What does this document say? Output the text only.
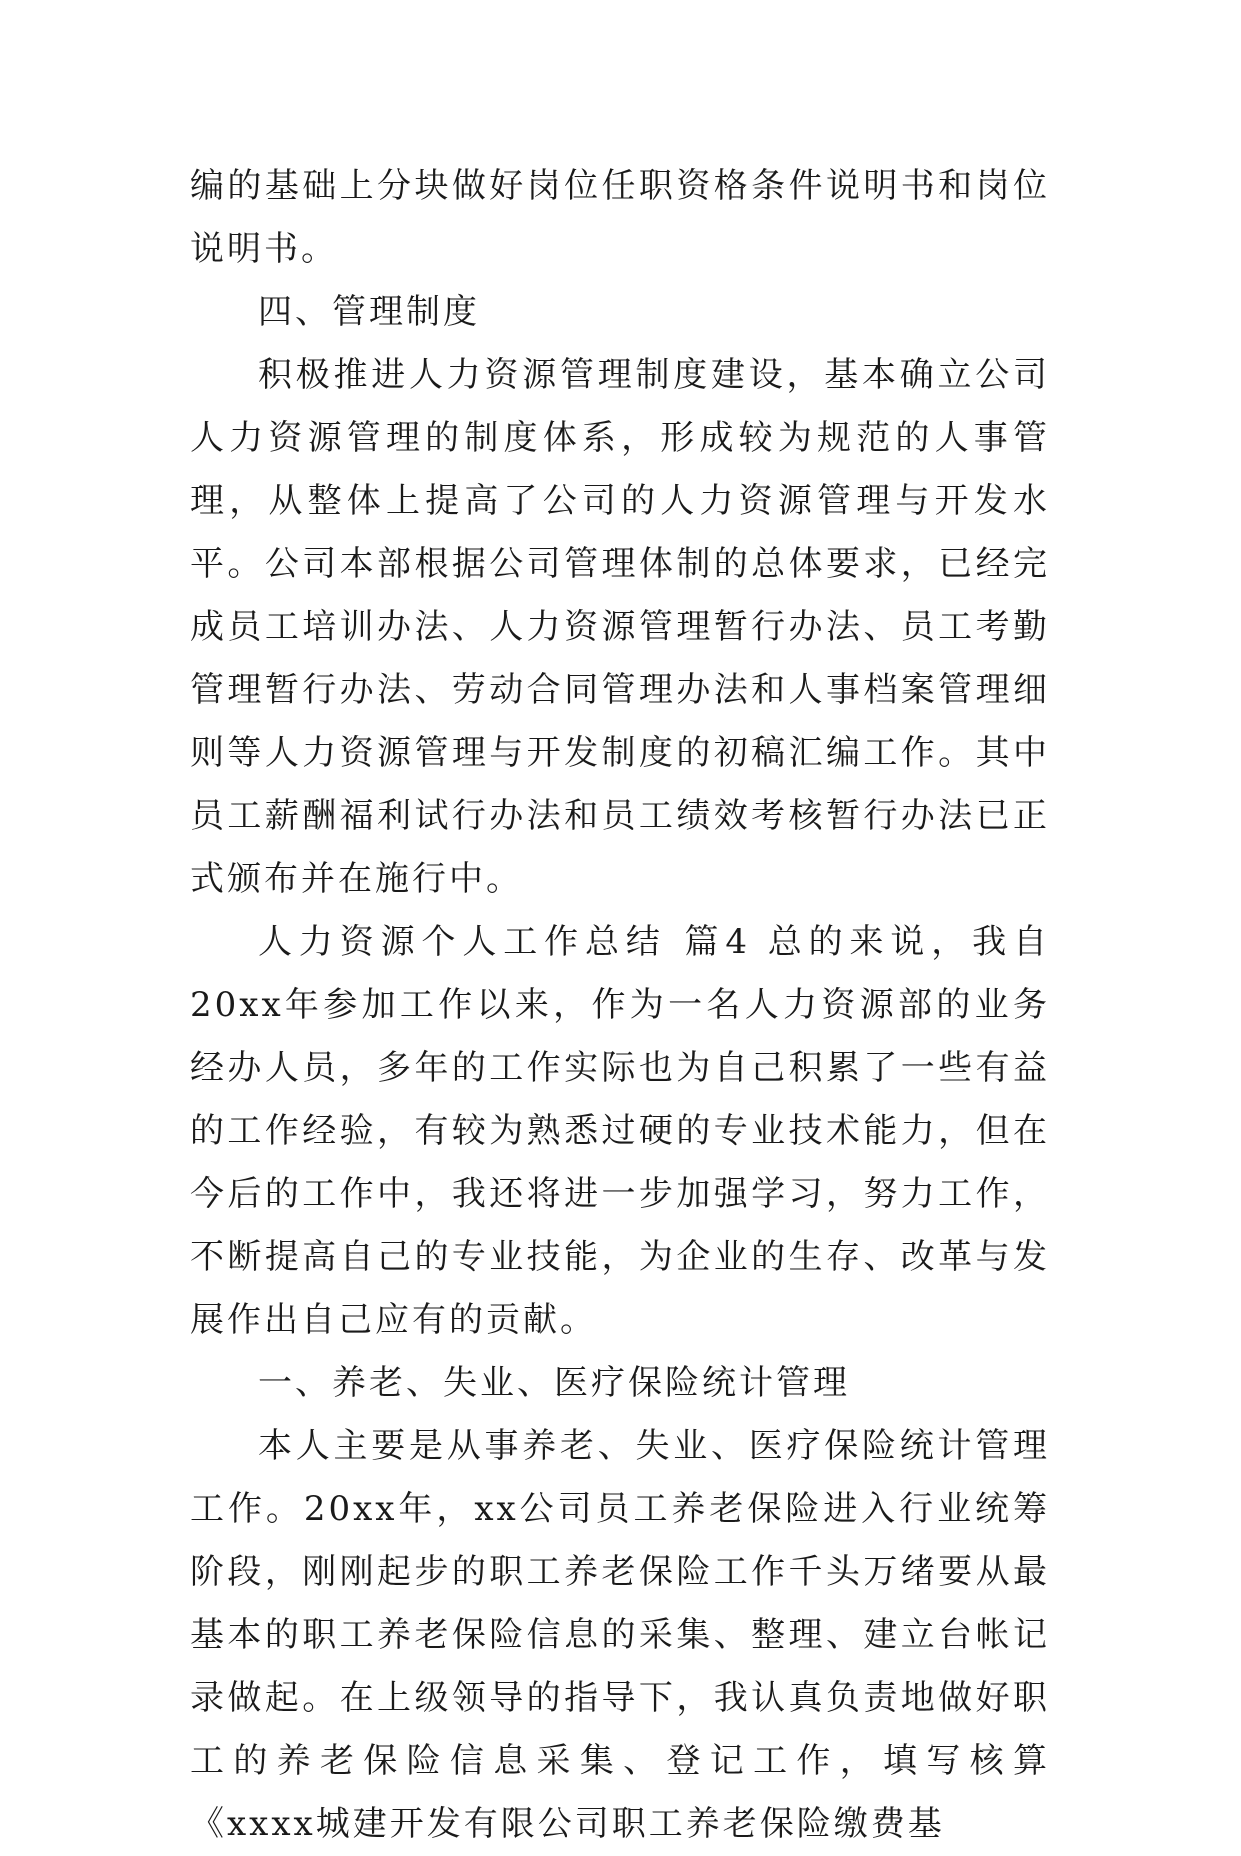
编的基础上分块做好岗位任职资格条件说明书和岗位说明书。

四、管理制度

积极推进人力资源管理制度建设，基本确立公司人力资源管理的制度体系，形成较为规范的人事管理，从整体上提高了公司的人力资源管理与开发水平。公司本部根据公司管理体制的总体要求，已经完成员工培训办法、人力资源管理暂行办法、员工考勤管理暂行办法、劳动合同管理办法和人事档案管理细则等人力资源管理与开发制度的初稿汇编工作。其中员工薪酬福利试行办法和员工绩效考核暂行办法已正式颁布并在施行中。

人力资源个人工作总结 篇4 总的来说，我自20xx年参加工作以来，作为一名人力资源部的业务经办人员，多年的工作实际也为自己积累了一些有益的工作经验，有较为熟悉过硬的专业技术能力，但在今后的工作中，我还将进一步加强学习，努力工作，不断提高自己的专业技能，为企业的生存、改革与发展作出自己应有的贡献。

一、养老、失业、医疗保险统计管理

本人主要是从事养老、失业、医疗保险统计管理工作。20xx年，xx公司员工养老保险进入行业统筹阶段，刚刚起步的职工养老保险工作千头万绪要从最基本的职工养老保险信息的采集、整理、建立台帐记录做起。在上级领导的指导下，我认真负责地做好职工的养老保险信息采集、登记工作，填写核算《xxxx城建开发有限公司职工养老保险缴费基
